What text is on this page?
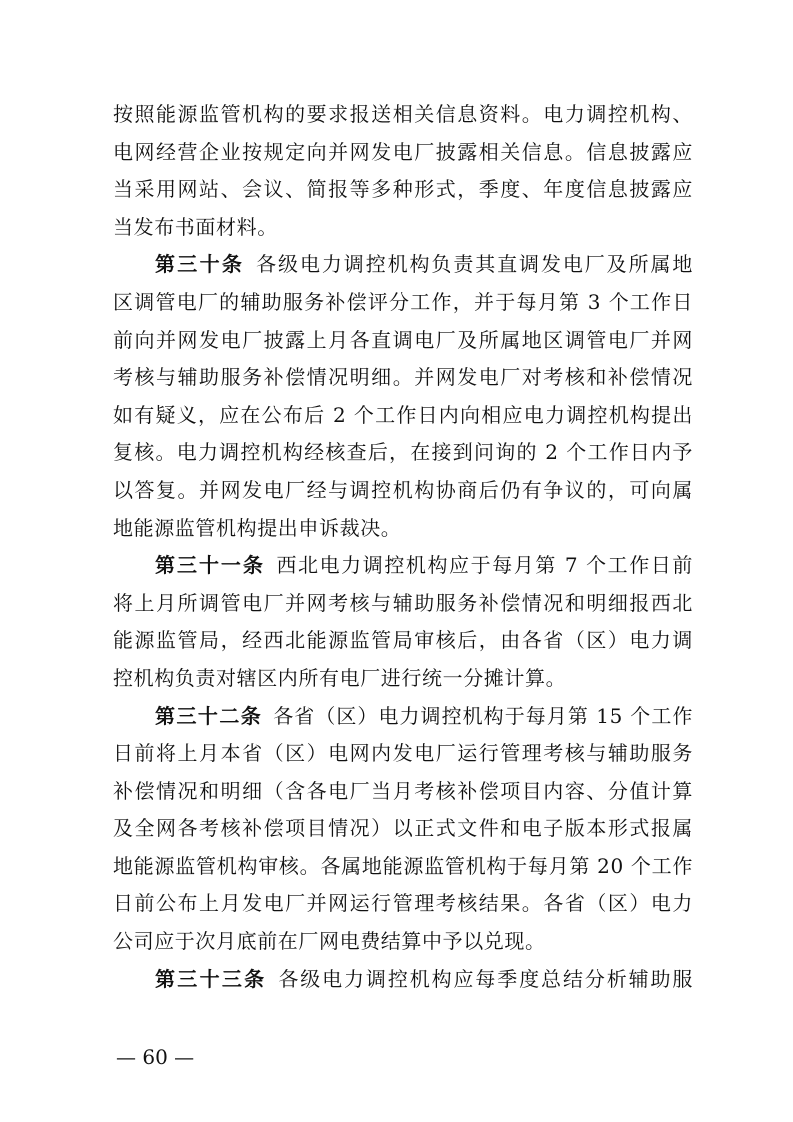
按照能源监管机构的要求报送相关信息资料。电力调控机构、
电网经营企业按规定向并网发电厂披露相关信息。信息披露应
当采用网站、会议、简报等多种形式，季度、年度信息披露应
当发布书面材料。
第三十条  各级电力调控机构负责其直调发电厂及所属地
区调管电厂的辅助服务补偿评分工作，并于每月第 3 个工作日
前向并网发电厂披露上月各直调电厂及所属地区调管电厂并网
考核与辅助服务补偿情况明细。并网发电厂对考核和补偿情况
如有疑义，应在公布后 2 个工作日内向相应电力调控机构提出
复核。电力调控机构经核查后，在接到问询的 2 个工作日内予
以答复。并网发电厂经与调控机构协商后仍有争议的，可向属
地能源监管机构提出申诉裁决。
第三十一条  西北电力调控机构应于每月第 7 个工作日前
将上月所调管电厂并网考核与辅助服务补偿情况和明细报西北
能源监管局，经西北能源监管局审核后，由各省（区）电力调
控机构负责对辖区内所有电厂进行统一分摊计算。
第三十二条  各省（区）电力调控机构于每月第 15 个工作
日前将上月本省（区）电网内发电厂运行管理考核与辅助服务
补偿情况和明细（含各电厂当月考核补偿项目内容、分值计算
及全网各考核补偿项目情况）以正式文件和电子版本形式报属
地能源监管机构审核。各属地能源监管机构于每月第 20 个工作
日前公布上月发电厂并网运行管理考核结果。各省（区）电力
公司应于次月底前在厂网电费结算中予以兑现。
第三十三条  各级电力调控机构应每季度总结分析辅助服
— 60 —
